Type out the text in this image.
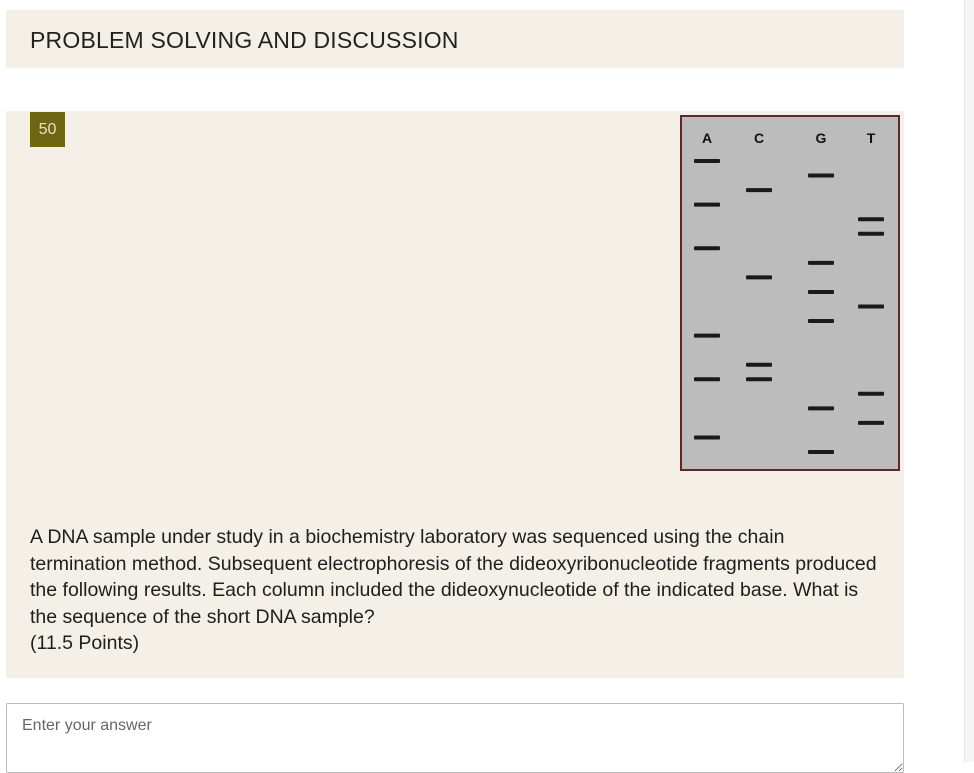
PROBLEM SOLVING AND DISCUSSION
50	A	C	G	T

A DNA sample under study in a biochemistry laboratory was sequenced using the chain termination method. Subsequent electrophoresis of the dideoxyribonucleotide fragments produced the following results. Each column included the dideoxynucleotide of the indicated base. What is the sequence of the short DNA sample?

(11.5 Points)

Enter your answer
